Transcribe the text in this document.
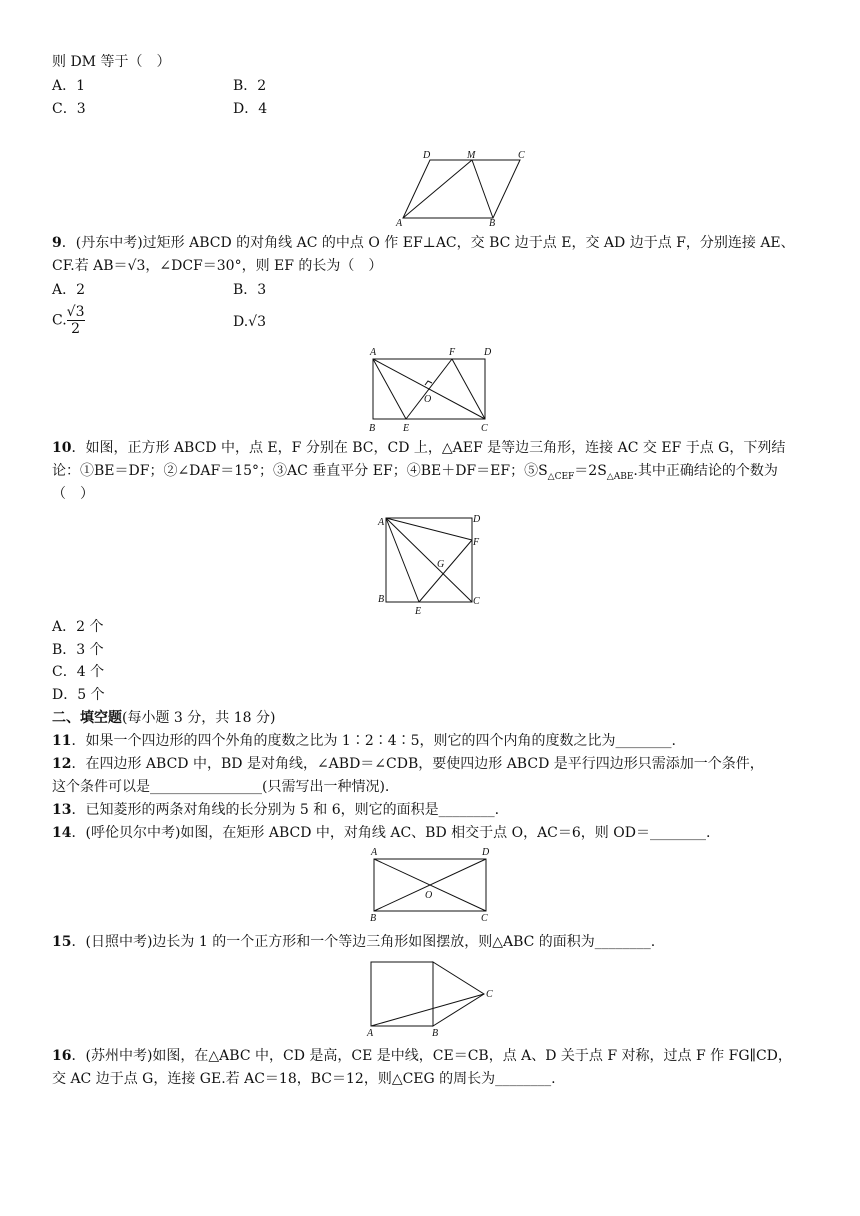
则 DM 等于（　）
A．1	B．2
C．3	D．4
D	M	C
A	B
9．(丹东中考)过矩形 ABCD 的对角线 AC 的中点 O 作 EF⊥AC，交 BC 边于点 E，交 AD 边于点 F，分别连接 AE、
CF.若 AB＝√3，∠DCF＝30°，则 EF 的长为（　）
A．2	B．3
C. $\frac{√3}{2}$	D.√3
A	F	D
O
B	E	C
10．如图，正方形 ABCD 中，点 E，F 分别在 BC，CD 上，△AEF 是等边三角形，连接 AC 交 EF 于点 G，下列结
论：①BE＝DF；②∠DAF＝15°；③AC 垂直平分 EF；④BE＋DF＝EF；$⑤S_{\triangle CEF}=2S_{\triangle ABE}$.其中正确结论的个数为
（　）
A	D
F
G
B
E
C
A．2 个
B．3 个
C．4 个
D．5 个
二、填空题(每小题 3 分，共 18 分)
11．如果一个四边形的四个外角的度数之比为 1∶2∶4∶5，则它的四个内角的度数之比为________.
12．在四边形 ABCD 中，BD 是对角线，∠ABD＝∠CDB，要使四边形 ABCD 是平行四边形只需添加一个条件，
这个条件可以是________________(只需写出一种情况).
13．已知菱形的两条对角线的长分别为 5 和 6，则它的面积是________.
14．(呼伦贝尔中考)如图，在矩形 ABCD 中，对角线 AC、BD 相交于点 O，AC＝6，则 OD＝________.
A	D
O
B	C
15．(日照中考)边长为 1 的一个正方形和一个等边三角形如图摆放，则△ABC 的面积为________.
A	B
C
16．(苏州中考)如图，在△ABC 中，CD 是高，CE 是中线，CE＝CB，点 A、D 关于点 F 对称，过点 F 作 FG∥CD，
交 AC 边于点 G，连接 GE.若 AC＝18，BC＝12，则△CEG 的周长为________.
